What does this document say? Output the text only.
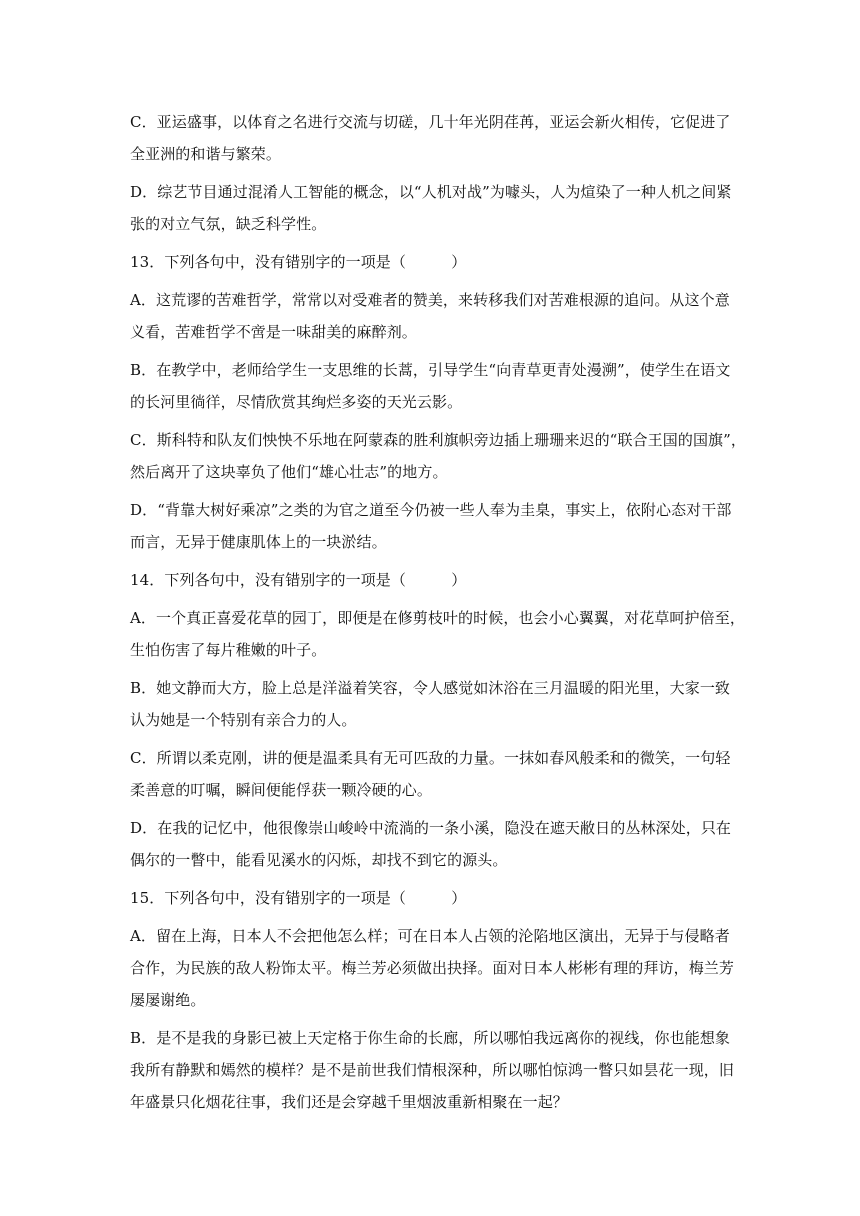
C．亚运盛事，以体育之名进行交流与切磋，几十年光阴荏苒，亚运会新火相传，它促进了
全亚洲的和谐与繁荣。
D．综艺节目通过混淆人工智能的概念，以“人机对战”为噱头，人为煊染了一种人机之间紧
张的对立气氛，缺乏科学性。
13．下列各句中，没有错别字的一项是（　　　）
A．这荒谬的苦难哲学，常常以对受难者的赞美，来转移我们对苦难根源的追问。从这个意
义看，苦难哲学不啻是一味甜美的麻醉剂。
B．在教学中，老师给学生一支思维的长蒿，引导学生“向青草更青处漫溯”，使学生在语文
的长河里徜徉，尽情欣赏其绚烂多姿的天光云影。
C．斯科特和队友们怏怏不乐地在阿蒙森的胜利旗帜旁边插上珊珊来迟的“联合王国的国旗”，
然后离开了这块辜负了他们“雄心壮志”的地方。
D．“背靠大树好乘凉”之类的为官之道至今仍被一些人奉为圭臬，事实上，依附心态对干部
而言，无异于健康肌体上的一块淤结。
14．下列各句中，没有错别字的一项是（　　　）
A．一个真正喜爱花草的园丁，即便是在修剪枝叶的时候，也会小心翼翼，对花草呵护倍至，
生怕伤害了每片稚嫩的叶子。
B．她文静而大方，脸上总是洋溢着笑容，令人感觉如沐浴在三月温暖的阳光里，大家一致
认为她是一个特别有亲合力的人。
C．所谓以柔克刚，讲的便是温柔具有无可匹敌的力量。一抹如春风般柔和的微笑，一句轻
柔善意的叮嘱，瞬间便能俘获一颗冷硬的心。
D．在我的记忆中，他很像崇山峻岭中流淌的一条小溪，隐没在遮天敝日的丛林深处，只在
偶尔的一瞥中，能看见溪水的闪烁，却找不到它的源头。
15．下列各句中，没有错别字的一项是（　　　）
A．留在上海，日本人不会把他怎么样；可在日本人占领的沦陷地区演出，无异于与侵略者
合作，为民族的敌人粉饰太平。梅兰芳必须做出抉择。面对日本人彬彬有理的拜访，梅兰芳
屡屡谢绝。
B．是不是我的身影已被上天定格于你生命的长廊，所以哪怕我远离你的视线，你也能想象
我所有静默和嫣然的模样？是不是前世我们情根深种，所以哪怕惊鸿一瞥只如昙花一现，旧
年盛景只化烟花往事，我们还是会穿越千里烟波重新相聚在一起？
